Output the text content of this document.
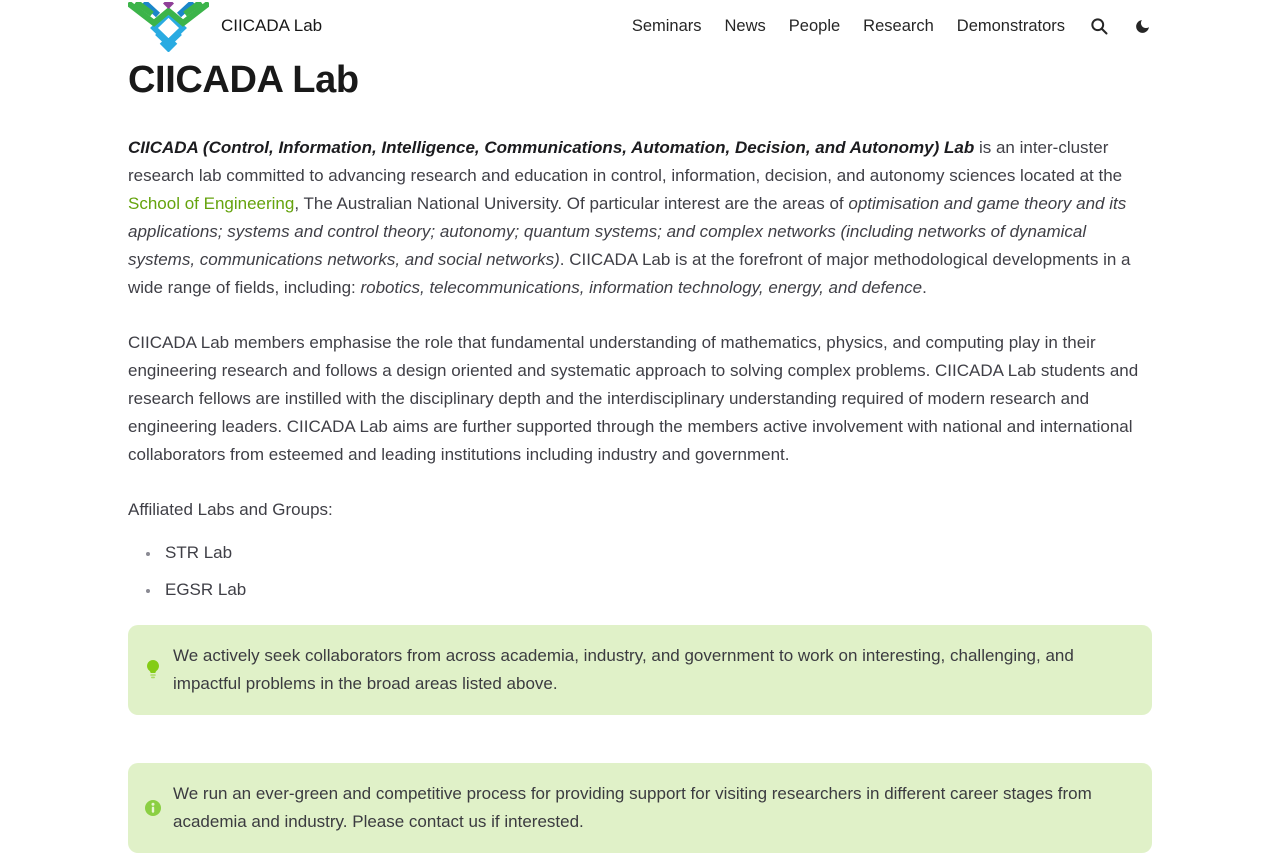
CIICADA Lab	Seminars News People Research Demonstrators
CIICADA Lab

CIICADA (Control, Information, Intelligence, Communications, Automation, Decision, and Autonomy) Lab is an inter-cluster research lab committed to advancing research and education in control, information, decision, and autonomy sciences located at the School of Engineering, The Australian National University. Of particular interest are the areas of optimisation and game theory and its applications; systems and control theory; autonomy; quantum systems; and complex networks (including networks of dynamical systems, communications networks, and social networks). CIICADA Lab is at the forefront of major methodological developments in a wide range of fields, including: robotics, telecommunications, information technology, energy, and defence.

CIICADA Lab members emphasise the role that fundamental understanding of mathematics, physics, and computing play in their engineering research and follows a design oriented and systematic approach to solving complex problems. CIICADA Lab students and research fellows are instilled with the disciplinary depth and the interdisciplinary understanding required of modern research and engineering leaders. CIICADA Lab aims are further supported through the members active involvement with national and international collaborators from esteemed and leading institutions including industry and government.

Affiliated Labs and Groups:

• STR Lab
• EGSR Lab

We actively seek collaborators from across academia, industry, and government to work on interesting, challenging, and impactful problems in the broad areas listed above.

We run an ever-green and competitive process for providing support for visiting researchers in different career stages from academia and industry. Please contact us if interested.
